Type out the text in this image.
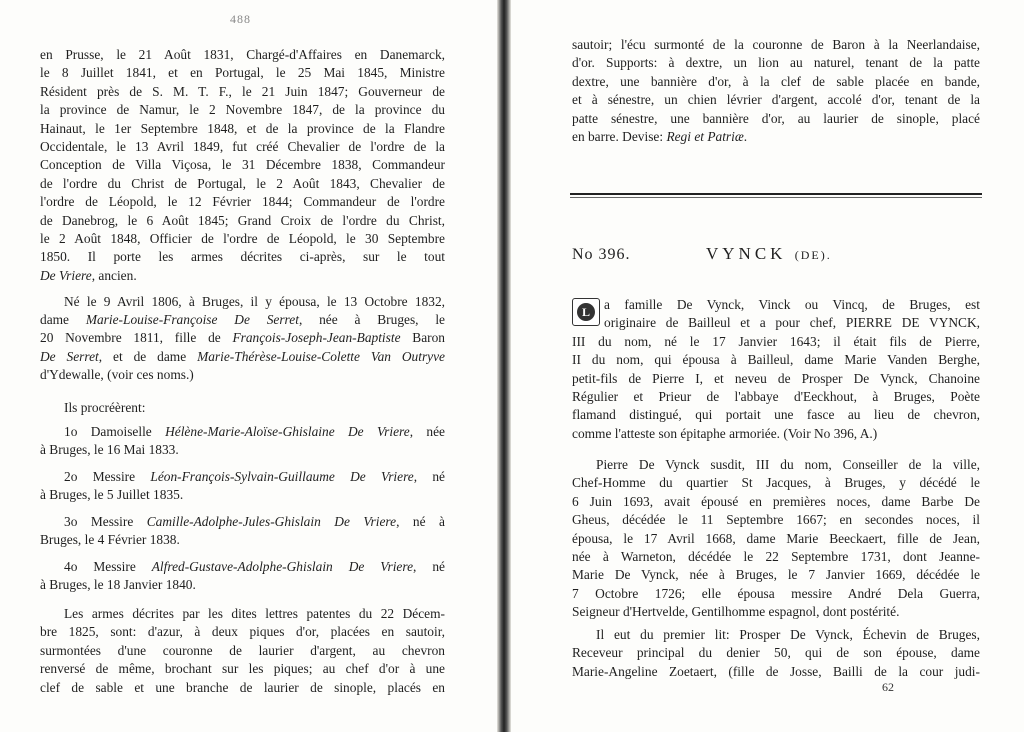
488
en Prusse, le 21 Août 1831, Chargé-d'Affaires en Danemarck,
le 8 Juillet 1841, et en Portugal, le 25 Mai 1845, Ministre
Résident près de S. M. T. F., le 21 Juin 1847; Gouverneur de
la province de Namur, le 2 Novembre 1847, de la province du
Hainaut, le 1er Septembre 1848, et de la province de la Flandre
Occidentale, le 13 Avril 1849, fut créé Chevalier de l'ordre de la
Conception de Villa Viçosa, le 31 Décembre 1838, Commandeur
de l'ordre du Christ de Portugal, le 2 Août 1843, Chevalier de
l'ordre de Léopold, le 12 Février 1844; Commandeur de l'ordre
de Danebrog, le 6 Août 1845; Grand Croix de l'ordre du Christ,
le 2 Août 1848, Officier de l'ordre de Léopold, le 30 Septembre
1850. Il porte les armes décrites ci-après, sur le tout
De Vriere, ancien.
Né le 9 Avril 1806, à Bruges, il y épousa, le 13 Octobre 1832,
dame Marie-Louise-Françoise De Serret, née à Bruges, le
20 Novembre 1811, fille de François-Joseph-Jean-Baptiste Baron
De Serret, et de dame Marie-Thérèse-Louise-Colette Van Outryve
d'Ydewalle, (voir ces noms.)
Ils procréèrent:
1o Damoiselle Hélène-Marie-Aloïse-Ghislaine De Vriere, née
à Bruges, le 16 Mai 1833.
2o Messire Léon-François-Sylvain-Guillaume De Vriere, né
à Bruges, le 5 Juillet 1835.
3o Messire Camille-Adolphe-Jules-Ghislain De Vriere, né à
Bruges, le 4 Février 1838.
4o Messire Alfred-Gustave-Adolphe-Ghislain De Vriere, né
à Bruges, le 18 Janvier 1840.
Les armes décrites par les dites lettres patentes du 22 Décem-
bre 1825, sont: d'azur, à deux piques d'or, placées en sautoir,
surmontées d'une couronne de laurier d'argent, au chevron
renversé de même, brochant sur les piques; au chef d'or à une
clef de sable et une branche de laurier de sinople, placés en
sautoir; l'écu surmonté de la couronne de Baron à la Neerlandaise,
d'or. Supports: à dextre, un lion au naturel, tenant de la patte
dextre, une bannière d'or, à la clef de sable placée en bande,
et à sénestre, un chien lévrier d'argent, accolé d'or, tenant de la
patte sénestre, une bannière d'or, au laurier de sinople, placé
en barre. Devise: Regi et Patriæ.
No 396.	VYNCK (DE).
L	a famille De Vynck, Vinck ou Vincq, de Bruges, est
originaire de Bailleul et a pour chef, PIERRE DE VYNCK,
III du nom, né le 17 Janvier 1643; il était fils de Pierre,
II du nom, qui épousa à Bailleul, dame Marie Vanden Berghe,
petit-fils de Pierre I, et neveu de Prosper De Vynck, Chanoine
Régulier et Prieur de l'abbaye d'Eeckhout, à Bruges, Poète
flamand distingué, qui portait une fasce au lieu de chevron,
comme l'atteste son épitaphe armoriée. (Voir No 396, A.)
Pierre De Vynck susdit, III du nom, Conseiller de la ville,
Chef-Homme du quartier St Jacques, à Bruges, y décédé le
6 Juin 1693, avait épousé en premières noces, dame Barbe De
Gheus, décédée le 11 Septembre 1667; en secondes noces, il
épousa, le 17 Avril 1668, dame Marie Beeckaert, fille de Jean,
née à Warneton, décédée le 22 Septembre 1731, dont Jeanne-
Marie De Vynck, née à Bruges, le 7 Janvier 1669, décédée le
7 Octobre 1726; elle épousa messire André Dela Guerra,
Seigneur d'Hertvelde, Gentilhomme espagnol, dont postérité.
Il eut du premier lit: Prosper De Vynck, Échevin de Bruges,
Receveur principal du denier 50, qui de son épouse, dame
Marie-Angeline Zoetaert, (fille de Josse, Bailli de la cour judi-
62
